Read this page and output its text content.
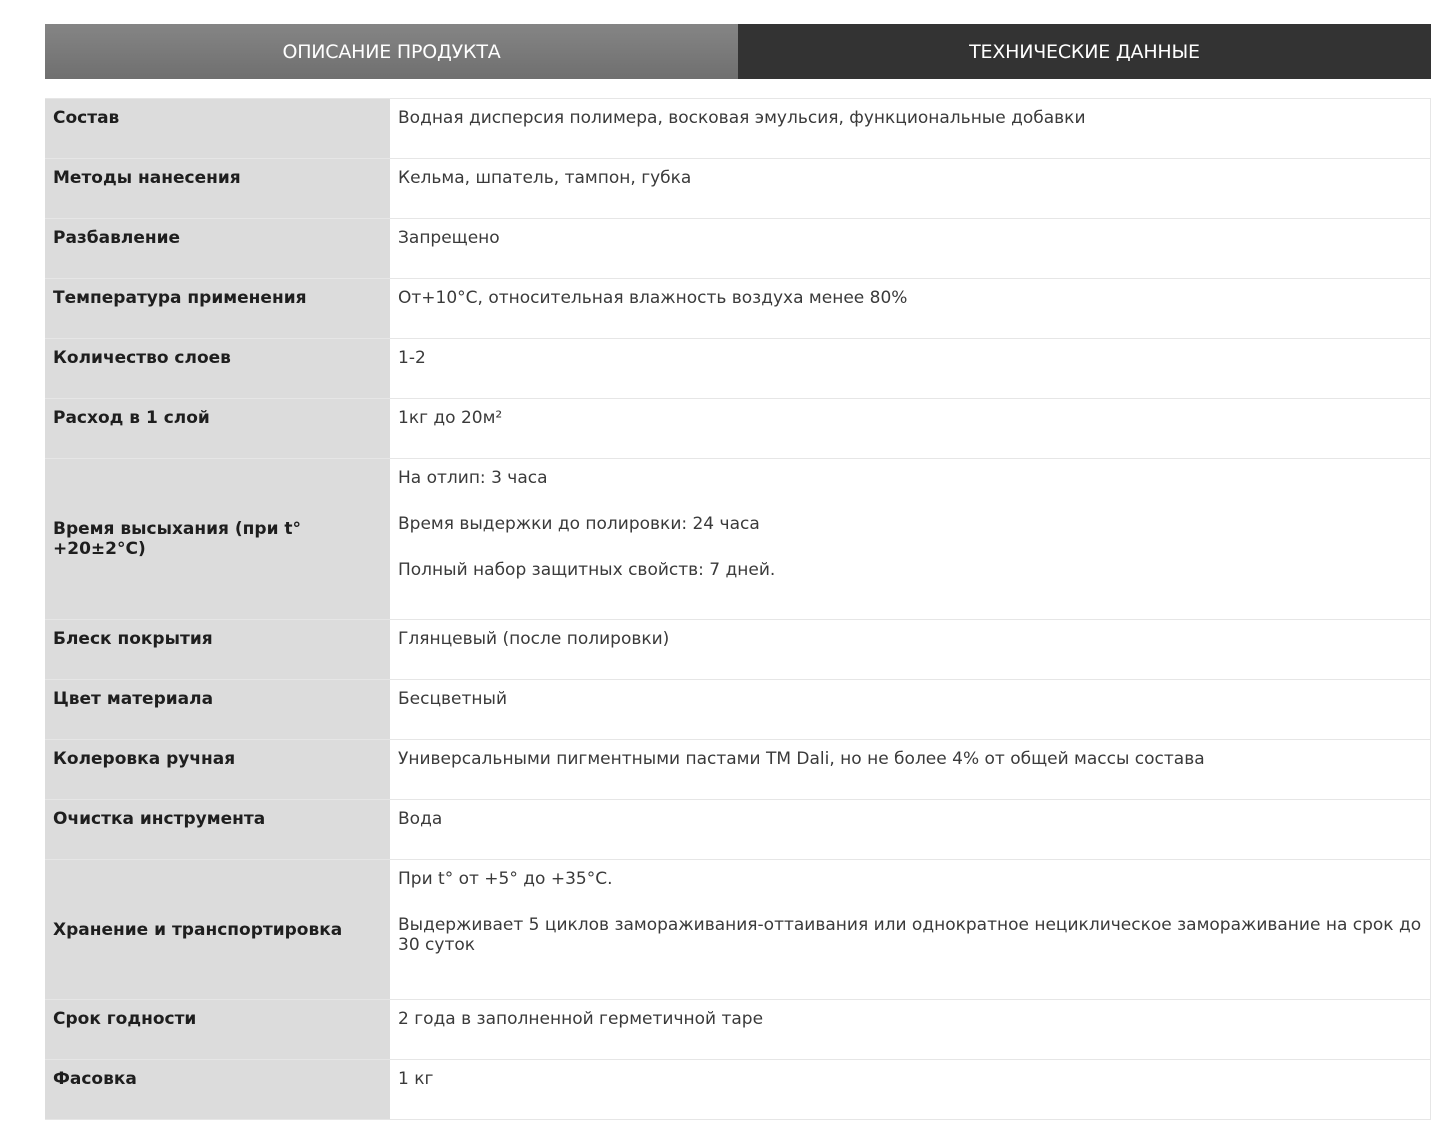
ОПИСАНИЕ ПРОДУКТА	ТЕХНИЧЕСКИЕ ДАННЫЕ
Состав	Водная дисперсия полимера, восковая эмульсия, функциональные добавки

Методы нанесения	Кельма, шпатель, тампон, губка

Разбавление	Запрещено

Температура применения	От+10°С, относительная влажность воздуха менее 80%

Количество слоев	1-2

Расход в 1 слой	1кг до 20м²

Время высыхания (при t° +20±2°С)	На отлип: 3 часа

Время выдержки до полировки: 24 часа

Полный набор защитных свойств: 7 дней.

Блеск покрытия	Глянцевый (после полировки)

Цвет материала	Бесцветный

Колеровка ручная	Универсальными пигментными пастами ТМ Dali, но не более 4% от общей массы состава

Очистка инструмента	Вода

Хранение и транспортировка	При t° от +5° до +35°С.

Выдерживает 5 циклов замораживания-оттаивания или однократное нециклическое замораживание на срок до 30 суток

Срок годности	2 года в заполненной герметичной таре

Фасовка	1 кг
